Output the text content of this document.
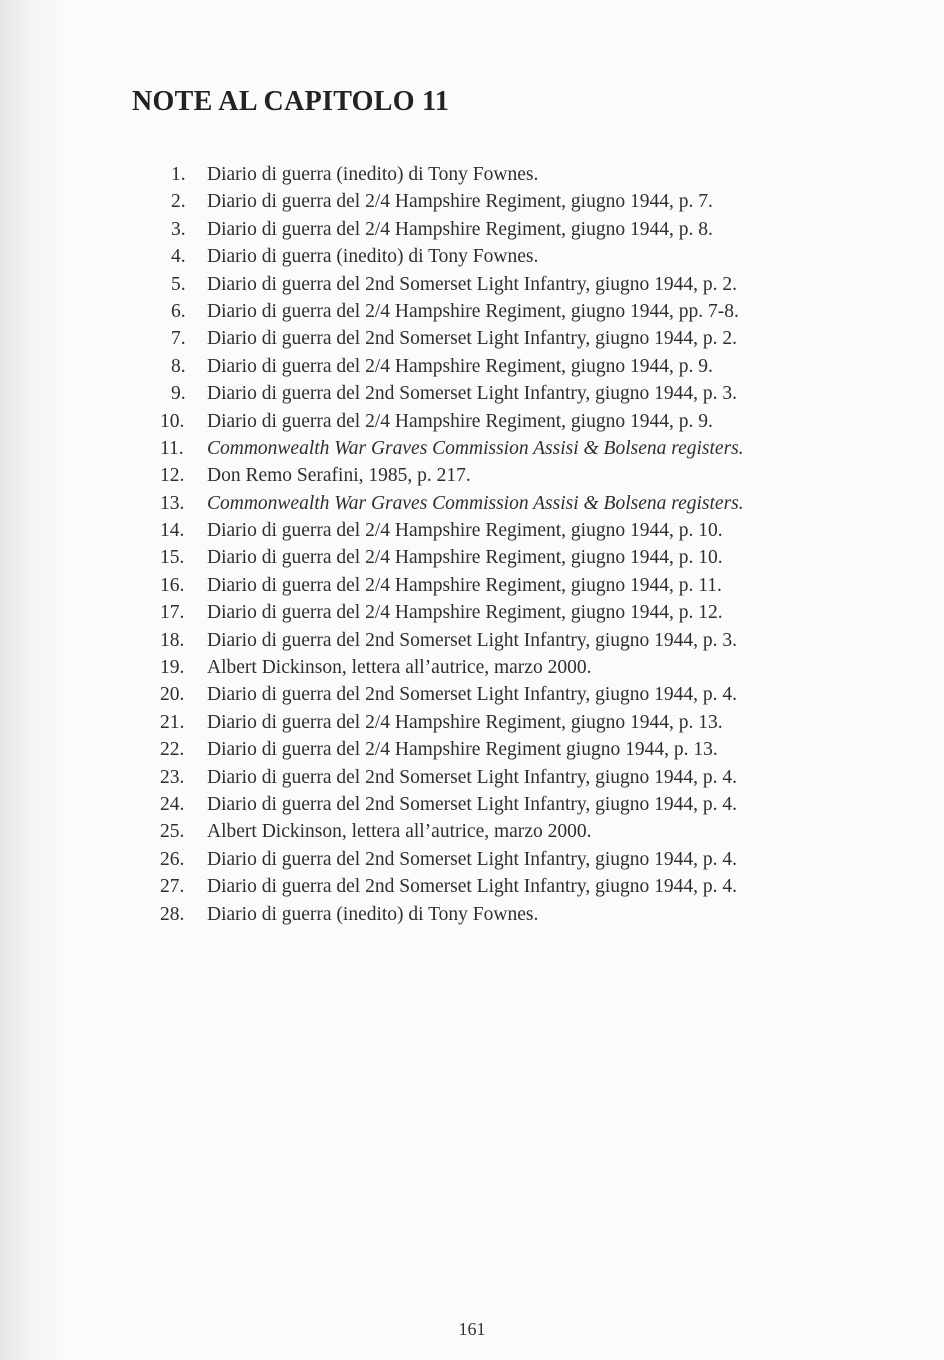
NOTE AL CAPITOLO 11
1. Diario di guerra (inedito) di Tony Fownes.
2. Diario di guerra del 2/4 Hampshire Regiment, giugno 1944, p. 7.
3. Diario di guerra del 2/4 Hampshire Regiment, giugno 1944, p. 8.
4. Diario di guerra (inedito) di Tony Fownes.
5. Diario di guerra del 2nd Somerset Light Infantry, giugno 1944, p. 2.
6. Diario di guerra del 2/4 Hampshire Regiment, giugno 1944, pp. 7-8.
7. Diario di guerra del 2nd Somerset Light Infantry, giugno 1944, p. 2.
8. Diario di guerra del 2/4 Hampshire Regiment, giugno 1944, p. 9.
9. Diario di guerra del 2nd Somerset Light Infantry, giugno 1944, p. 3.
10. Diario di guerra del 2/4 Hampshire Regiment, giugno 1944, p. 9.
11. Commonwealth War Graves Commission Assisi & Bolsena registers.
12. Don Remo Serafini, 1985, p. 217.
13. Commonwealth War Graves Commission Assisi & Bolsena registers.
14. Diario di guerra del 2/4 Hampshire Regiment, giugno 1944, p. 10.
15. Diario di guerra del 2/4 Hampshire Regiment, giugno 1944, p. 10.
16. Diario di guerra del 2/4 Hampshire Regiment, giugno 1944, p. 11.
17. Diario di guerra del 2/4 Hampshire Regiment, giugno 1944, p. 12.
18. Diario di guerra del 2nd Somerset Light Infantry, giugno 1944, p. 3.
19. Albert Dickinson, lettera all’autrice, marzo 2000.
20. Diario di guerra del 2nd Somerset Light Infantry, giugno 1944, p. 4.
21. Diario di guerra del 2/4 Hampshire Regiment, giugno 1944, p. 13.
22. Diario di guerra del 2/4 Hampshire Regiment giugno 1944, p. 13.
23. Diario di guerra del 2nd Somerset Light Infantry, giugno 1944, p. 4.
24. Diario di guerra del 2nd Somerset Light Infantry, giugno 1944, p. 4.
25. Albert Dickinson, lettera all’autrice, marzo 2000.
26. Diario di guerra del 2nd Somerset Light Infantry, giugno 1944, p. 4.
27. Diario di guerra del 2nd Somerset Light Infantry, giugno 1944, p. 4.
28. Diario di guerra (inedito) di Tony Fownes.

161
